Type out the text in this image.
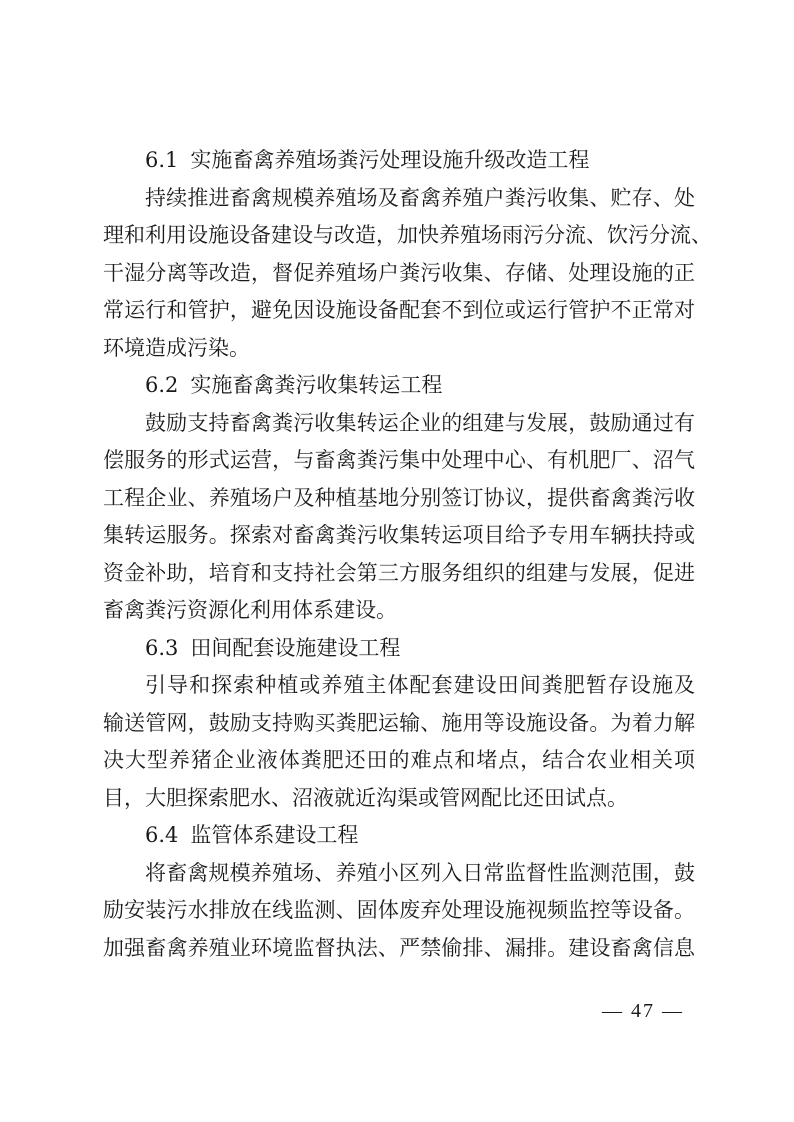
6.1 实施畜禽养殖场粪污处理设施升级改造工程
持续推进畜禽规模养殖场及畜禽养殖户粪污收集、贮存、处
理和利用设施设备建设与改造，加快养殖场雨污分流、饮污分流、
干湿分离等改造，督促养殖场户粪污收集、存储、处理设施的正
常运行和管护，避免因设施设备配套不到位或运行管护不正常对
环境造成污染。
6.2 实施畜禽粪污收集转运工程
鼓励支持畜禽粪污收集转运企业的组建与发展，鼓励通过有
偿服务的形式运营，与畜禽粪污集中处理中心、有机肥厂、沼气
工程企业、养殖场户及种植基地分别签订协议，提供畜禽粪污收
集转运服务。探索对畜禽粪污收集转运项目给予专用车辆扶持或
资金补助，培育和支持社会第三方服务组织的组建与发展，促进
畜禽粪污资源化利用体系建设。
6.3 田间配套设施建设工程
引导和探索种植或养殖主体配套建设田间粪肥暂存设施及
输送管网，鼓励支持购买粪肥运输、施用等设施设备。为着力解
决大型养猪企业液体粪肥还田的难点和堵点，结合农业相关项
目，大胆探索肥水、沼液就近沟渠或管网配比还田试点。
6.4 监管体系建设工程
将畜禽规模养殖场、养殖小区列入日常监督性监测范围，鼓
励安装污水排放在线监测、固体废弃处理设施视频监控等设备。
加强畜禽养殖业环境监督执法、严禁偷排、漏排。建设畜禽信息
— 47 —
